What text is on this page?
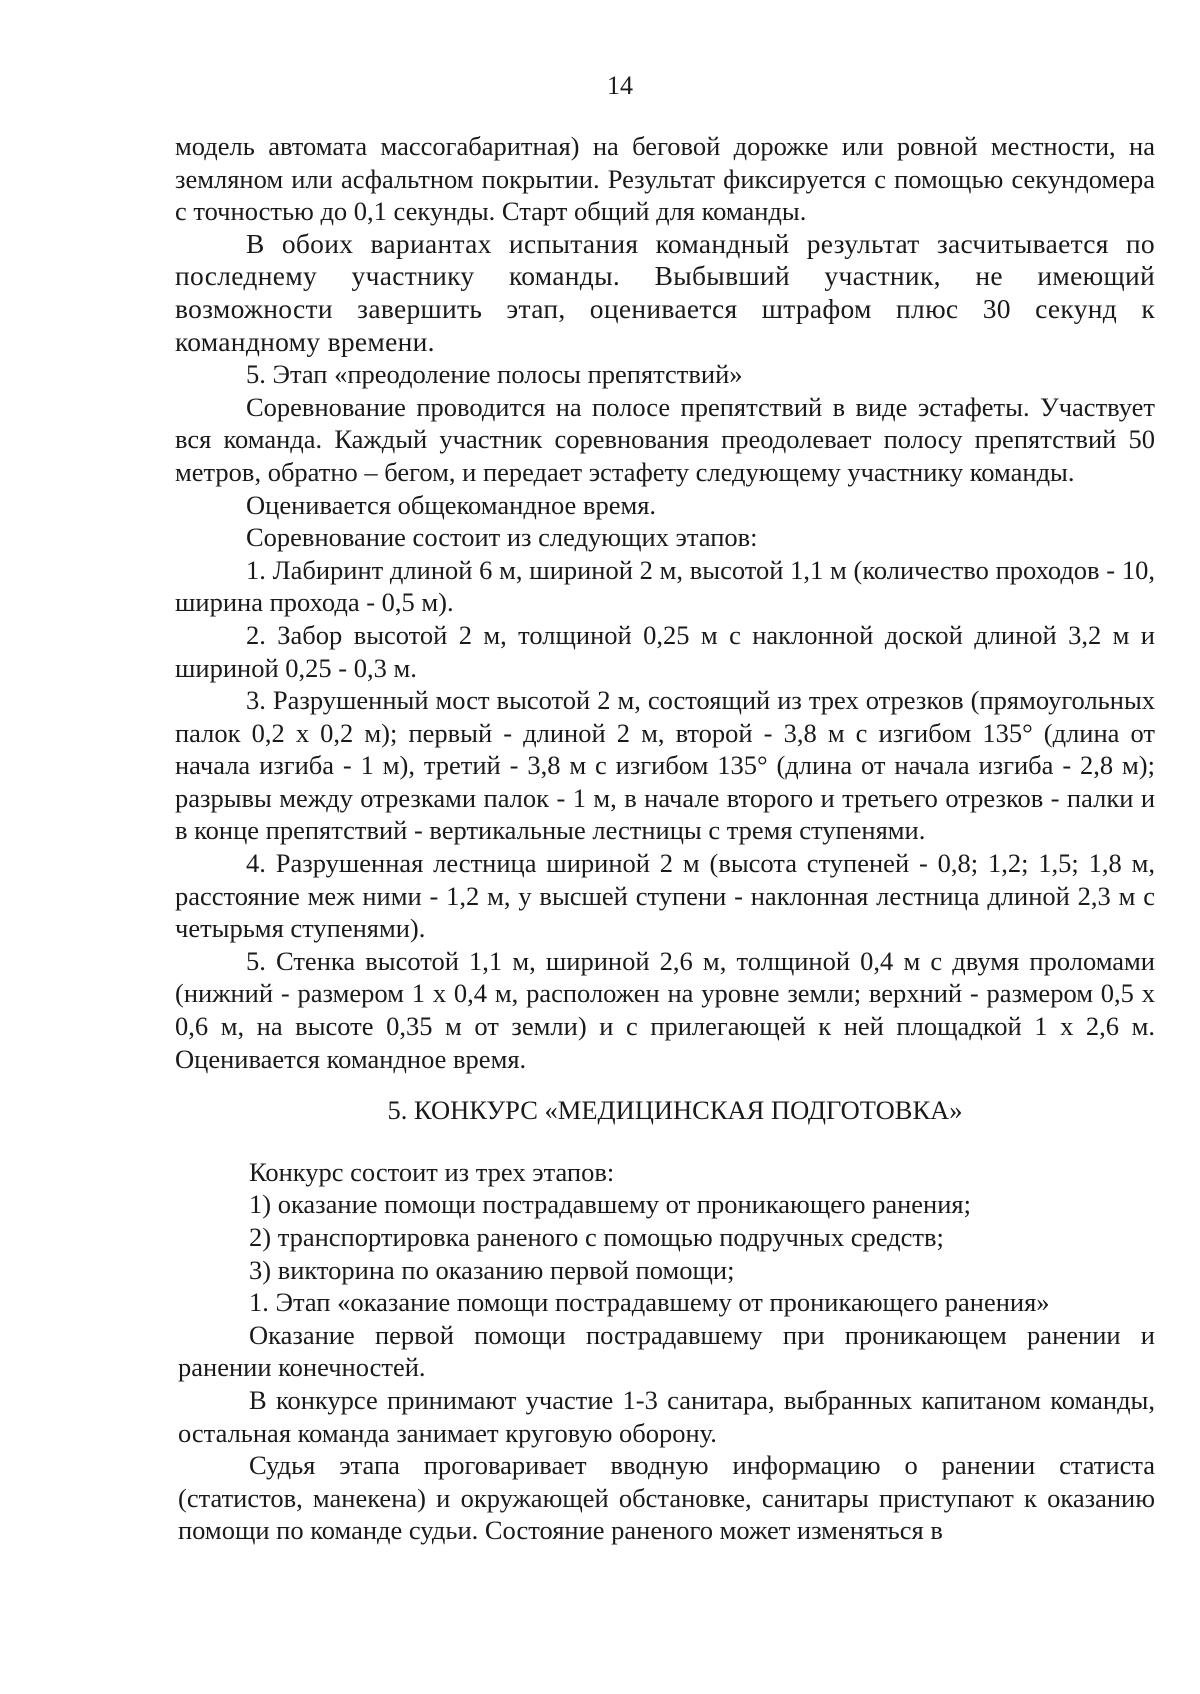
14

модель автомата массогабаритная) на беговой дорожке или ровной местности, на земляном или асфальтном покрытии. Результат фиксируется с помощью секундомера с точностью до 0,1 секунды. Старт общий для команды.

В обоих вариантах испытания командный результат засчитывается по последнему участнику команды. Выбывший участник, не имеющий возможности завершить этап, оценивается штрафом плюс 30 секунд к командному времени.

5. Этап «преодоление полосы препятствий»

Соревнование проводится на полосе препятствий в виде эстафеты. Участвует вся команда. Каждый участник соревнования преодолевает полосу препятствий 50 метров, обратно – бегом, и передает эстафету следующему участнику команды.

Оценивается общекомандное время.

Соревнование состоит из следующих этапов:

1. Лабиринт длиной 6 м, шириной 2 м, высотой 1,1 м (количество проходов - 10, ширина прохода - 0,5 м).

2. Забор высотой 2 м, толщиной 0,25 м с наклонной доской длиной 3,2 м и шириной 0,25 - 0,3 м.

3. Разрушенный мост высотой 2 м, состоящий из трех отрезков (прямоугольных палок 0,2 х 0,2 м); первый - длиной 2 м, второй - 3,8 м с изгибом 135° (длина от начала изгиба - 1 м), третий - 3,8 м с изгибом 135° (длина от начала изгиба - 2,8 м); разрывы между отрезками палок - 1 м, в начале второго и третьего отрезков - палки и в конце препятствий - вертикальные лестницы с тремя ступенями.

4. Разрушенная лестница шириной 2 м (высота ступеней - 0,8; 1,2; 1,5; 1,8 м, расстояние меж ними - 1,2 м, у высшей ступени - наклонная лестница длиной 2,3 м с четырьмя ступенями).

5. Стенка высотой 1,1 м, шириной 2,6 м, толщиной 0,4 м с двумя проломами (нижний - размером 1 х 0,4 м, расположен на уровне земли; верхний - размером 0,5 х 0,6 м, на высоте 0,35 м от земли) и с прилегающей к ней площадкой 1 х 2,6 м. Оценивается командное время.

5. КОНКУРС «МЕДИЦИНСКАЯ ПОДГОТОВКА»

Конкурс состоит из трех этапов:

1) оказание помощи пострадавшему от проникающего ранения;

2) транспортировка раненого с помощью подручных средств;

3) викторина по оказанию первой помощи;

1. Этап «оказание помощи пострадавшему от проникающего ранения»

Оказание первой помощи пострадавшему при проникающем ранении и ранении конечностей.

В конкурсе принимают участие 1-3 санитара, выбранных капитаном команды, остальная команда занимает круговую оборону.

Судья этапа проговаривает вводную информацию о ранении статиста (статистов, манекена) и окружающей обстановке, санитары приступают к оказанию помощи по команде судьи. Состояние раненого может изменяться в
